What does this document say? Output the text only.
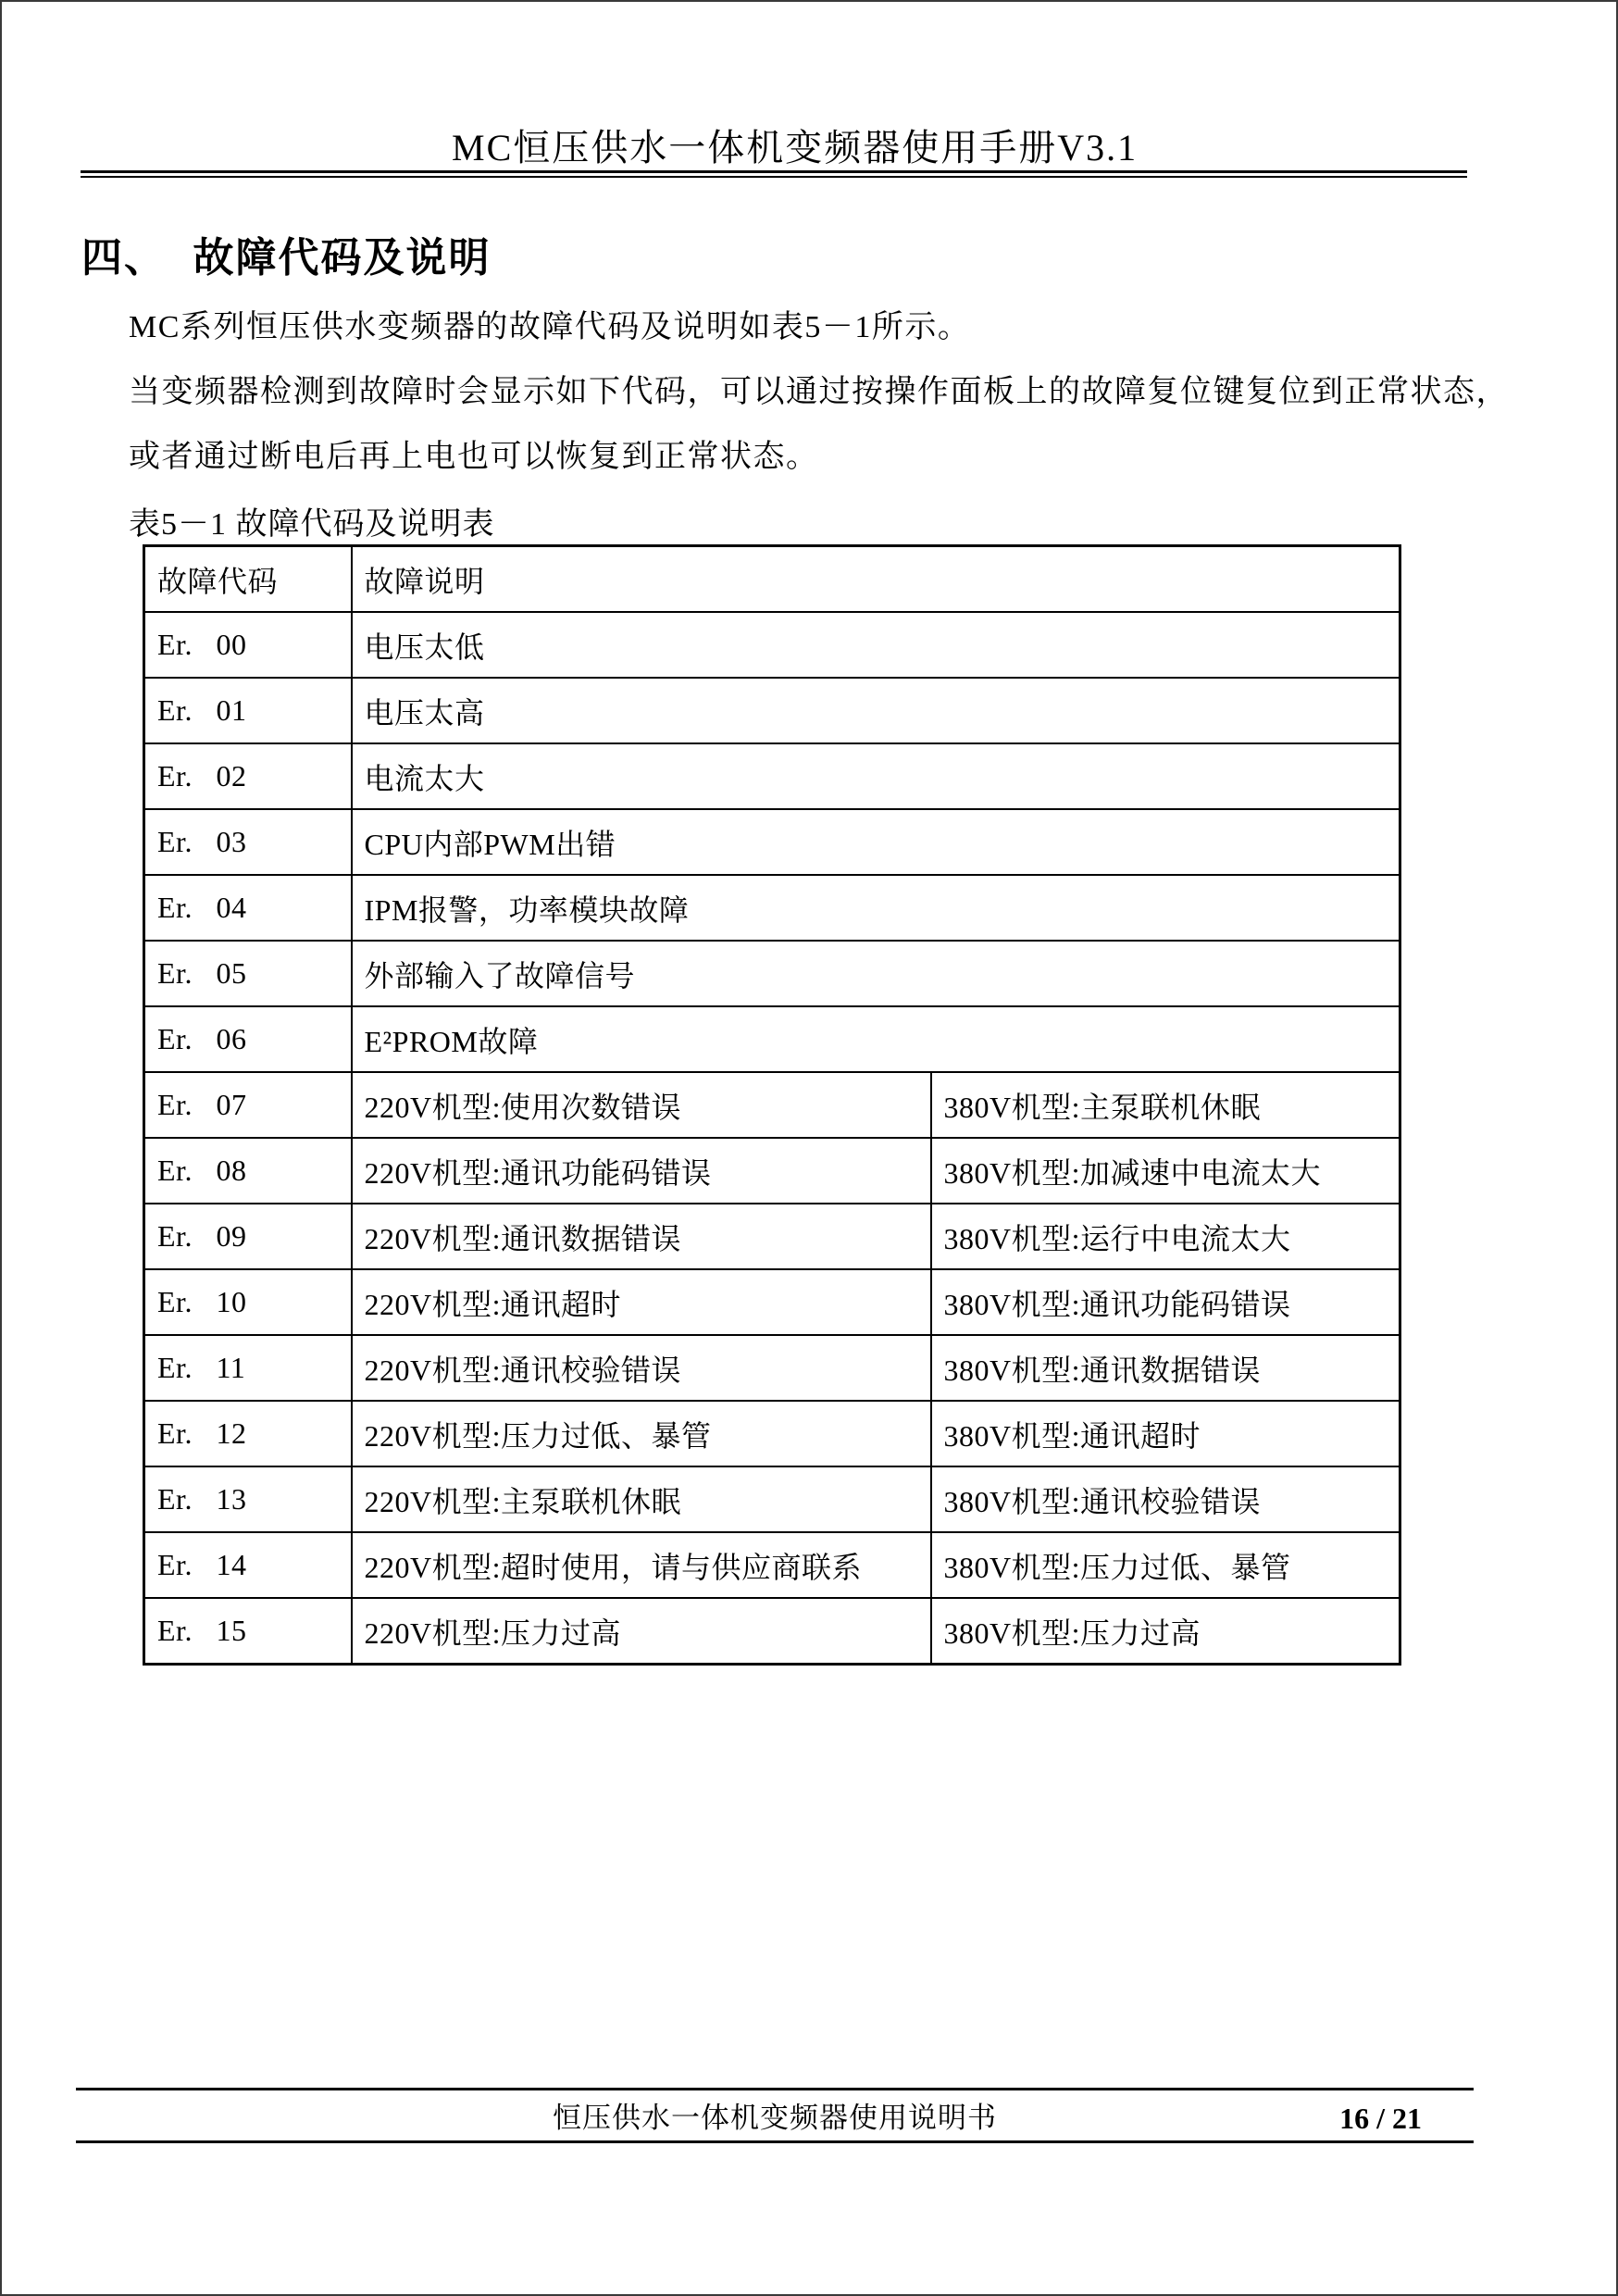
MC恒压供水一体机变频器使用手册V3.1
四、  故障代码及说明
MC系列恒压供水变频器的故障代码及说明如表5－1所示。
当变频器检测到故障时会显示如下代码，可以通过按操作面板上的故障复位键复位到正常状态，
或者通过断电后再上电也可以恢复到正常状态。
表5－1 故障代码及说明表
故障代码	故障说明	
Er.   00	电压太低	
Er.   01	电压太高	
Er.   02	电流太大	
Er.   03	CPU内部PWM出错	
Er.   04	IPM报警，功率模块故障	
Er.   05	外部输入了故障信号	
Er.   06	E²PROM故障	
Er.   07	220V机型:使用次数错误	380V机型:主泵联机休眠
Er.   08	220V机型:通讯功能码错误	380V机型:加减速中电流太大
Er.   09	220V机型:通讯数据错误	380V机型:运行中电流太大
Er.   10	220V机型:通讯超时	380V机型:通讯功能码错误
Er.   11	220V机型:通讯校验错误	380V机型:通讯数据错误
Er.   12	220V机型:压力过低、暴管	380V机型:通讯超时
Er.   13	220V机型:主泵联机休眠	380V机型:通讯校验错误
Er.   14	220V机型:超时使用，请与供应商联系	380V机型:压力过低、暴管
Er.   15	220V机型:压力过高	380V机型:压力过高
恒压供水一体机变频器使用说明书	16 / 21
